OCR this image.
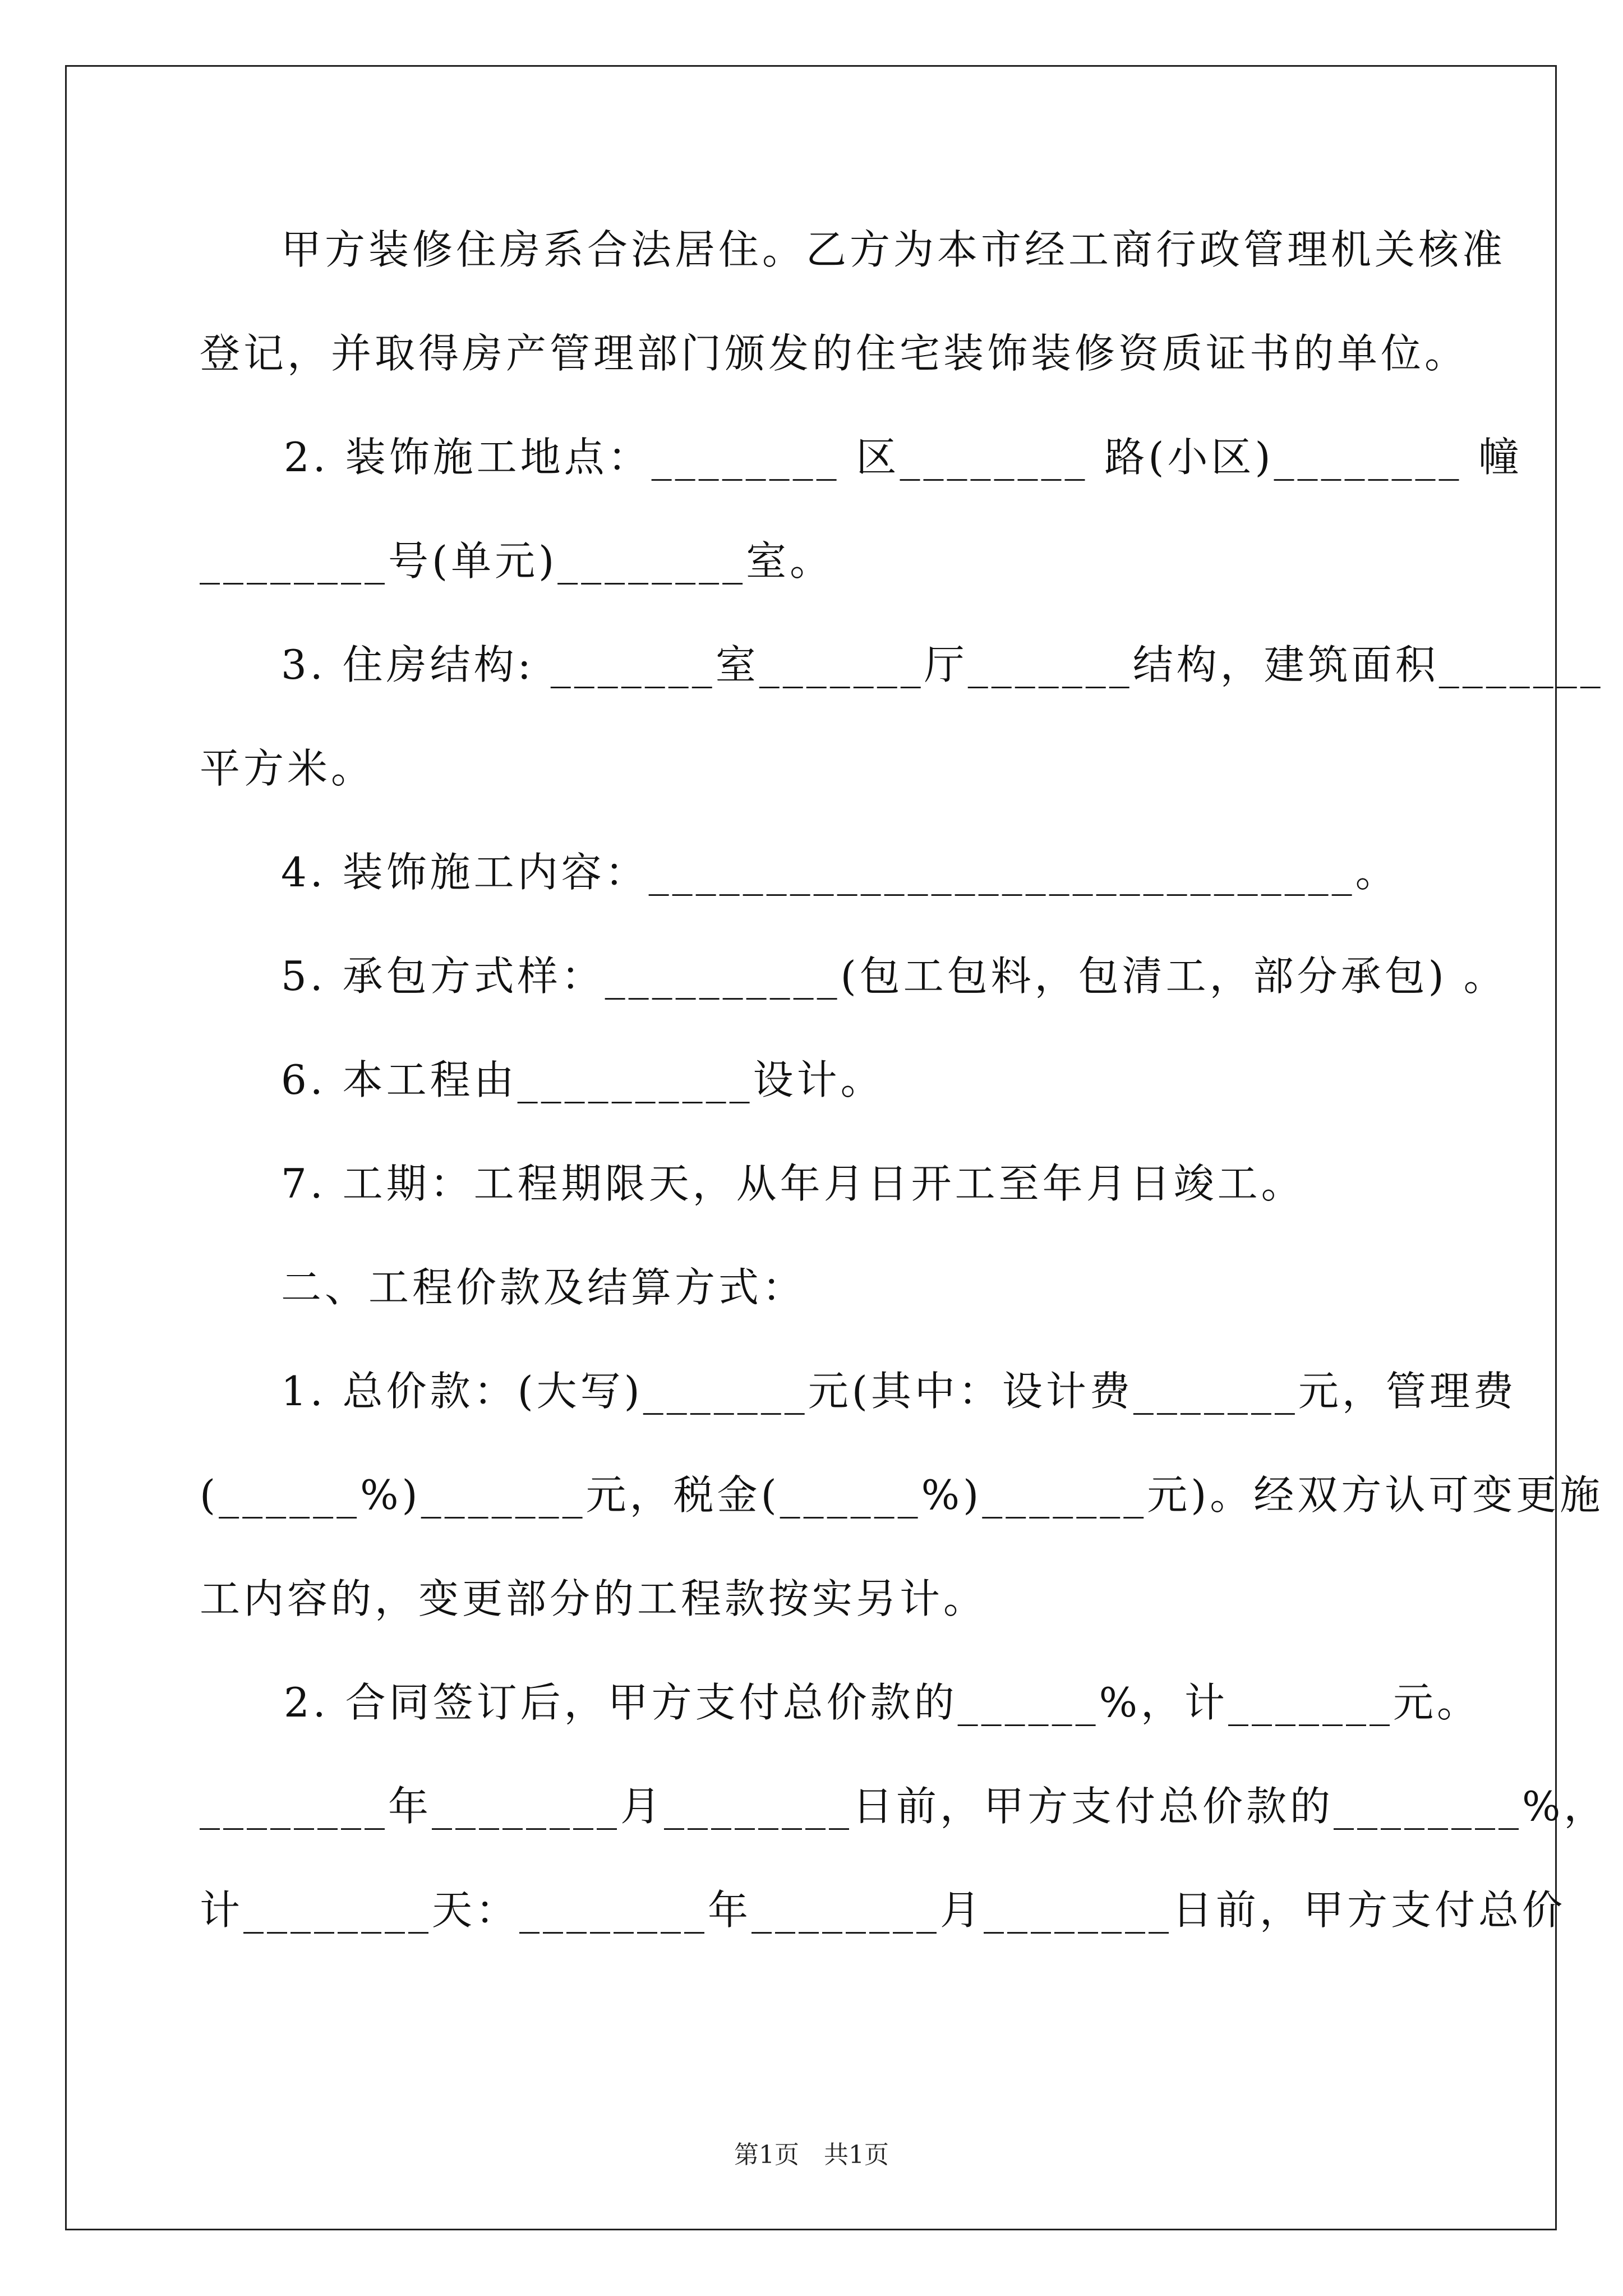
甲方装修住房系合法居住。乙方为本市经工商行政管理机关核准
登记，并取得房产管理部门颁发的住宅装饰装修资质证书的单位。
2. 装饰施工地点：________ 区________ 路(小区)________ 幢
________号(单元)________室。
3. 住房结构: _______室_______厅_______结构，建筑面积_______
平方米。
4. 装饰施工内容：______________________________。
5. 承包方式样：__________(包工包料，包清工，部分承包) 。
6. 本工程由__________设计。
7. 工期：工程期限天，从年月日开工至年月日竣工。
二、工程价款及结算方式：
1. 总价款：(大写)_______元(其中：设计费_______元，管理费
(______%)_______元，税金(______%)_______元)。经双方认可变更施
工内容的，变更部分的工程款按实另计。
2. 合同签订后，甲方支付总价款的______%，计_______元。
________年________月________日前，甲方支付总价款的________%，
计________天：________年________月________日前，甲方支付总价
第1页　共1页
